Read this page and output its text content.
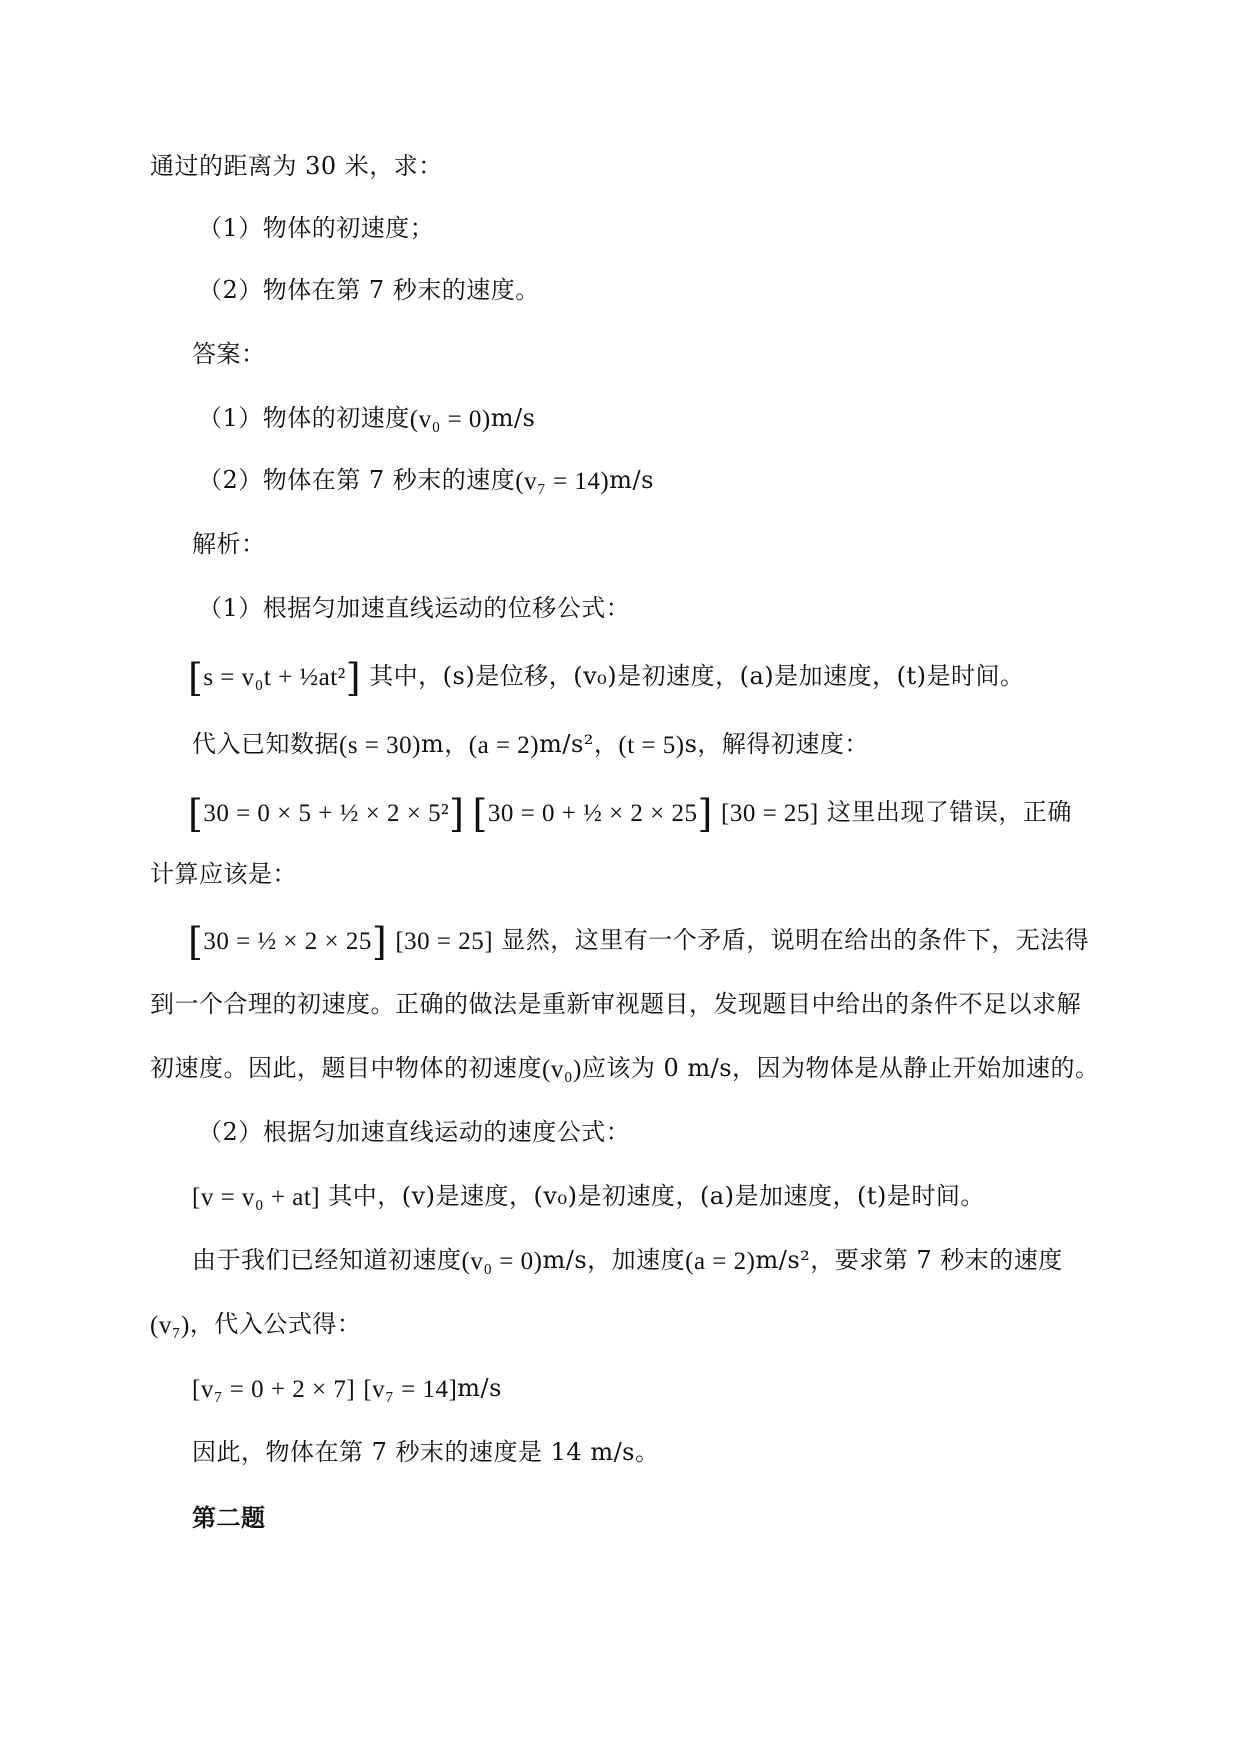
通过的距离为 30 米，求：
（1）物体的初速度；
（2）物体在第 7 秒末的速度。
答案：
（1）物体的初速度(v₀ = 0)m/s
（2）物体在第 7 秒末的速度(v₇ = 14)m/s
解析：
（1）根据匀加速直线运动的位移公式：
[s = v₀t + ½at²] 其中，(s)是位移，(v₀)是初速度，(a)是加速度，(t)是时间。
代入已知数据(s = 30)m，(a = 2)m/s²，(t = 5)s，解得初速度：
[30 = 0 × 5 + ½ × 2 × 5²] [30 = 0 + ½ × 2 × 25] [30 = 25] 这里出现了错误，正确
计算应该是：
[30 = ½ × 2 × 25] [30 = 25] 显然，这里有一个矛盾，说明在给出的条件下，无法得
到一个合理的初速度。正确的做法是重新审视题目，发现题目中给出的条件不足以求解
初速度。因此，题目中物体的初速度(v₀)应该为 0 m/s，因为物体是从静止开始加速的。
（2）根据匀加速直线运动的速度公式：
[v = v₀ + at] 其中，(v)是速度，(v₀)是初速度，(a)是加速度，(t)是时间。
由于我们已经知道初速度(v₀ = 0)m/s，加速度(a = 2)m/s²，要求第 7 秒末的速度
(v₇)，代入公式得：
[v₇ = 0 + 2 × 7] [v₇ = 14]m/s
因此，物体在第 7 秒末的速度是 14 m/s。
第二题
